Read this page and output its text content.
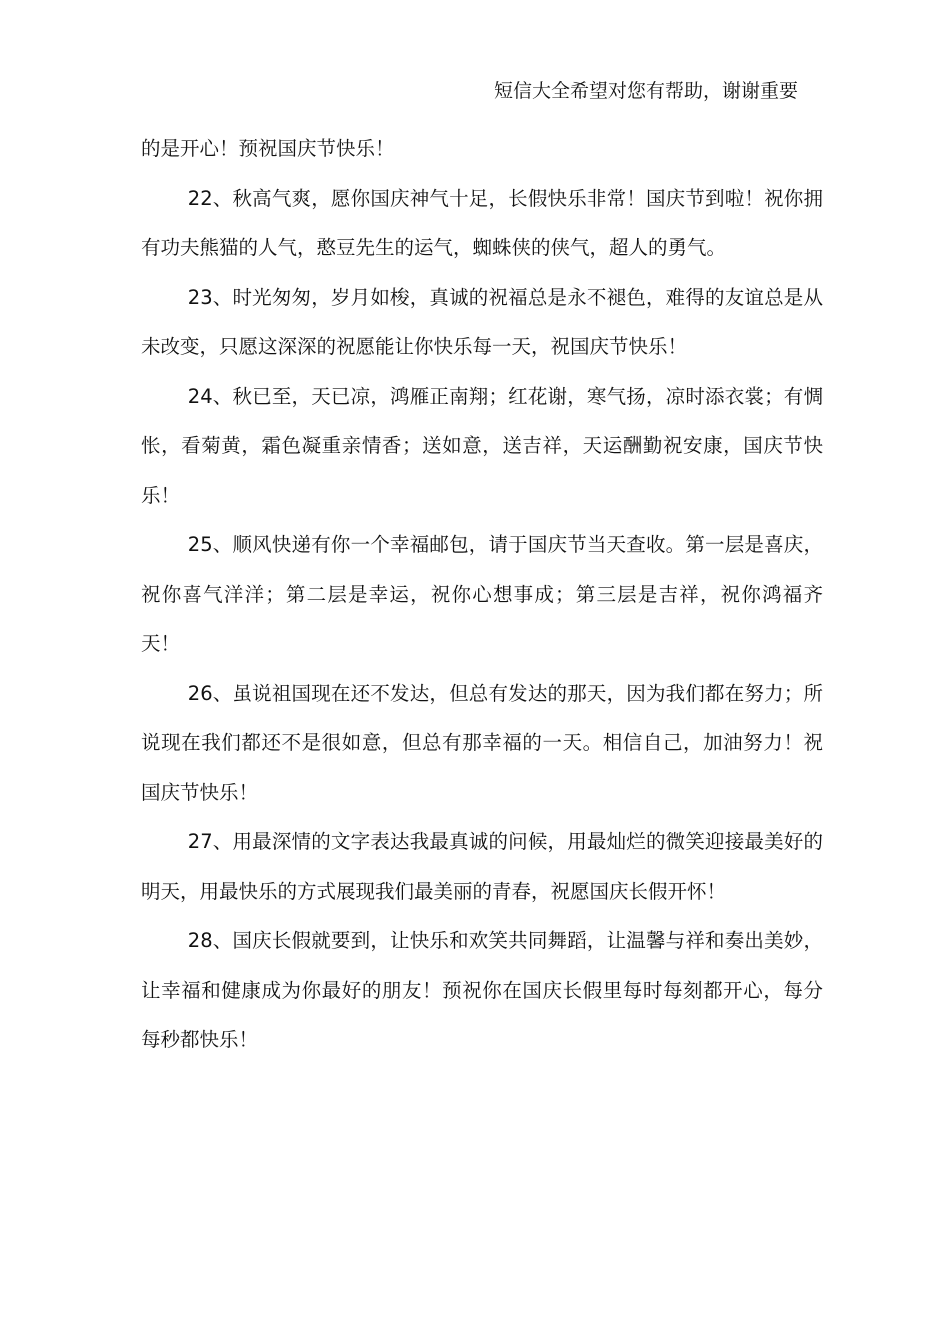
短信大全希望对您有帮助，谢谢重要

的是开心！预祝国庆节快乐！

22、秋高气爽，愿你国庆神气十足，长假快乐非常！国庆节到啦！祝你拥有功夫熊猫的人气，憨豆先生的运气，蜘蛛侠的侠气，超人的勇气。

23、时光匆匆，岁月如梭，真诚的祝福总是永不褪色，难得的友谊总是从未改变，只愿这深深的祝愿能让你快乐每一天，祝国庆节快乐！

24、秋已至，天已凉，鸿雁正南翔；红花谢，寒气扬，凉时添衣裳；有惆怅，看菊黄，霜色凝重亲情香；送如意，送吉祥，天运酬勤祝安康，国庆节快乐！

25、顺风快递有你一个幸福邮包，请于国庆节当天查收。第一层是喜庆，祝你喜气洋洋；第二层是幸运，祝你心想事成；第三层是吉祥，祝你鸿福齐天！

26、虽说祖国现在还不发达，但总有发达的那天，因为我们都在努力；所说现在我们都还不是很如意，但总有那幸福的一天。相信自己，加油努力！祝国庆节快乐！

27、用最深情的文字表达我最真诚的问候，用最灿烂的微笑迎接最美好的明天，用最快乐的方式展现我们最美丽的青春，祝愿国庆长假开怀！

28、国庆长假就要到，让快乐和欢笑共同舞蹈，让温馨与祥和奏出美妙，让幸福和健康成为你最好的朋友！预祝你在国庆长假里每时每刻都开心，每分每秒都快乐！
